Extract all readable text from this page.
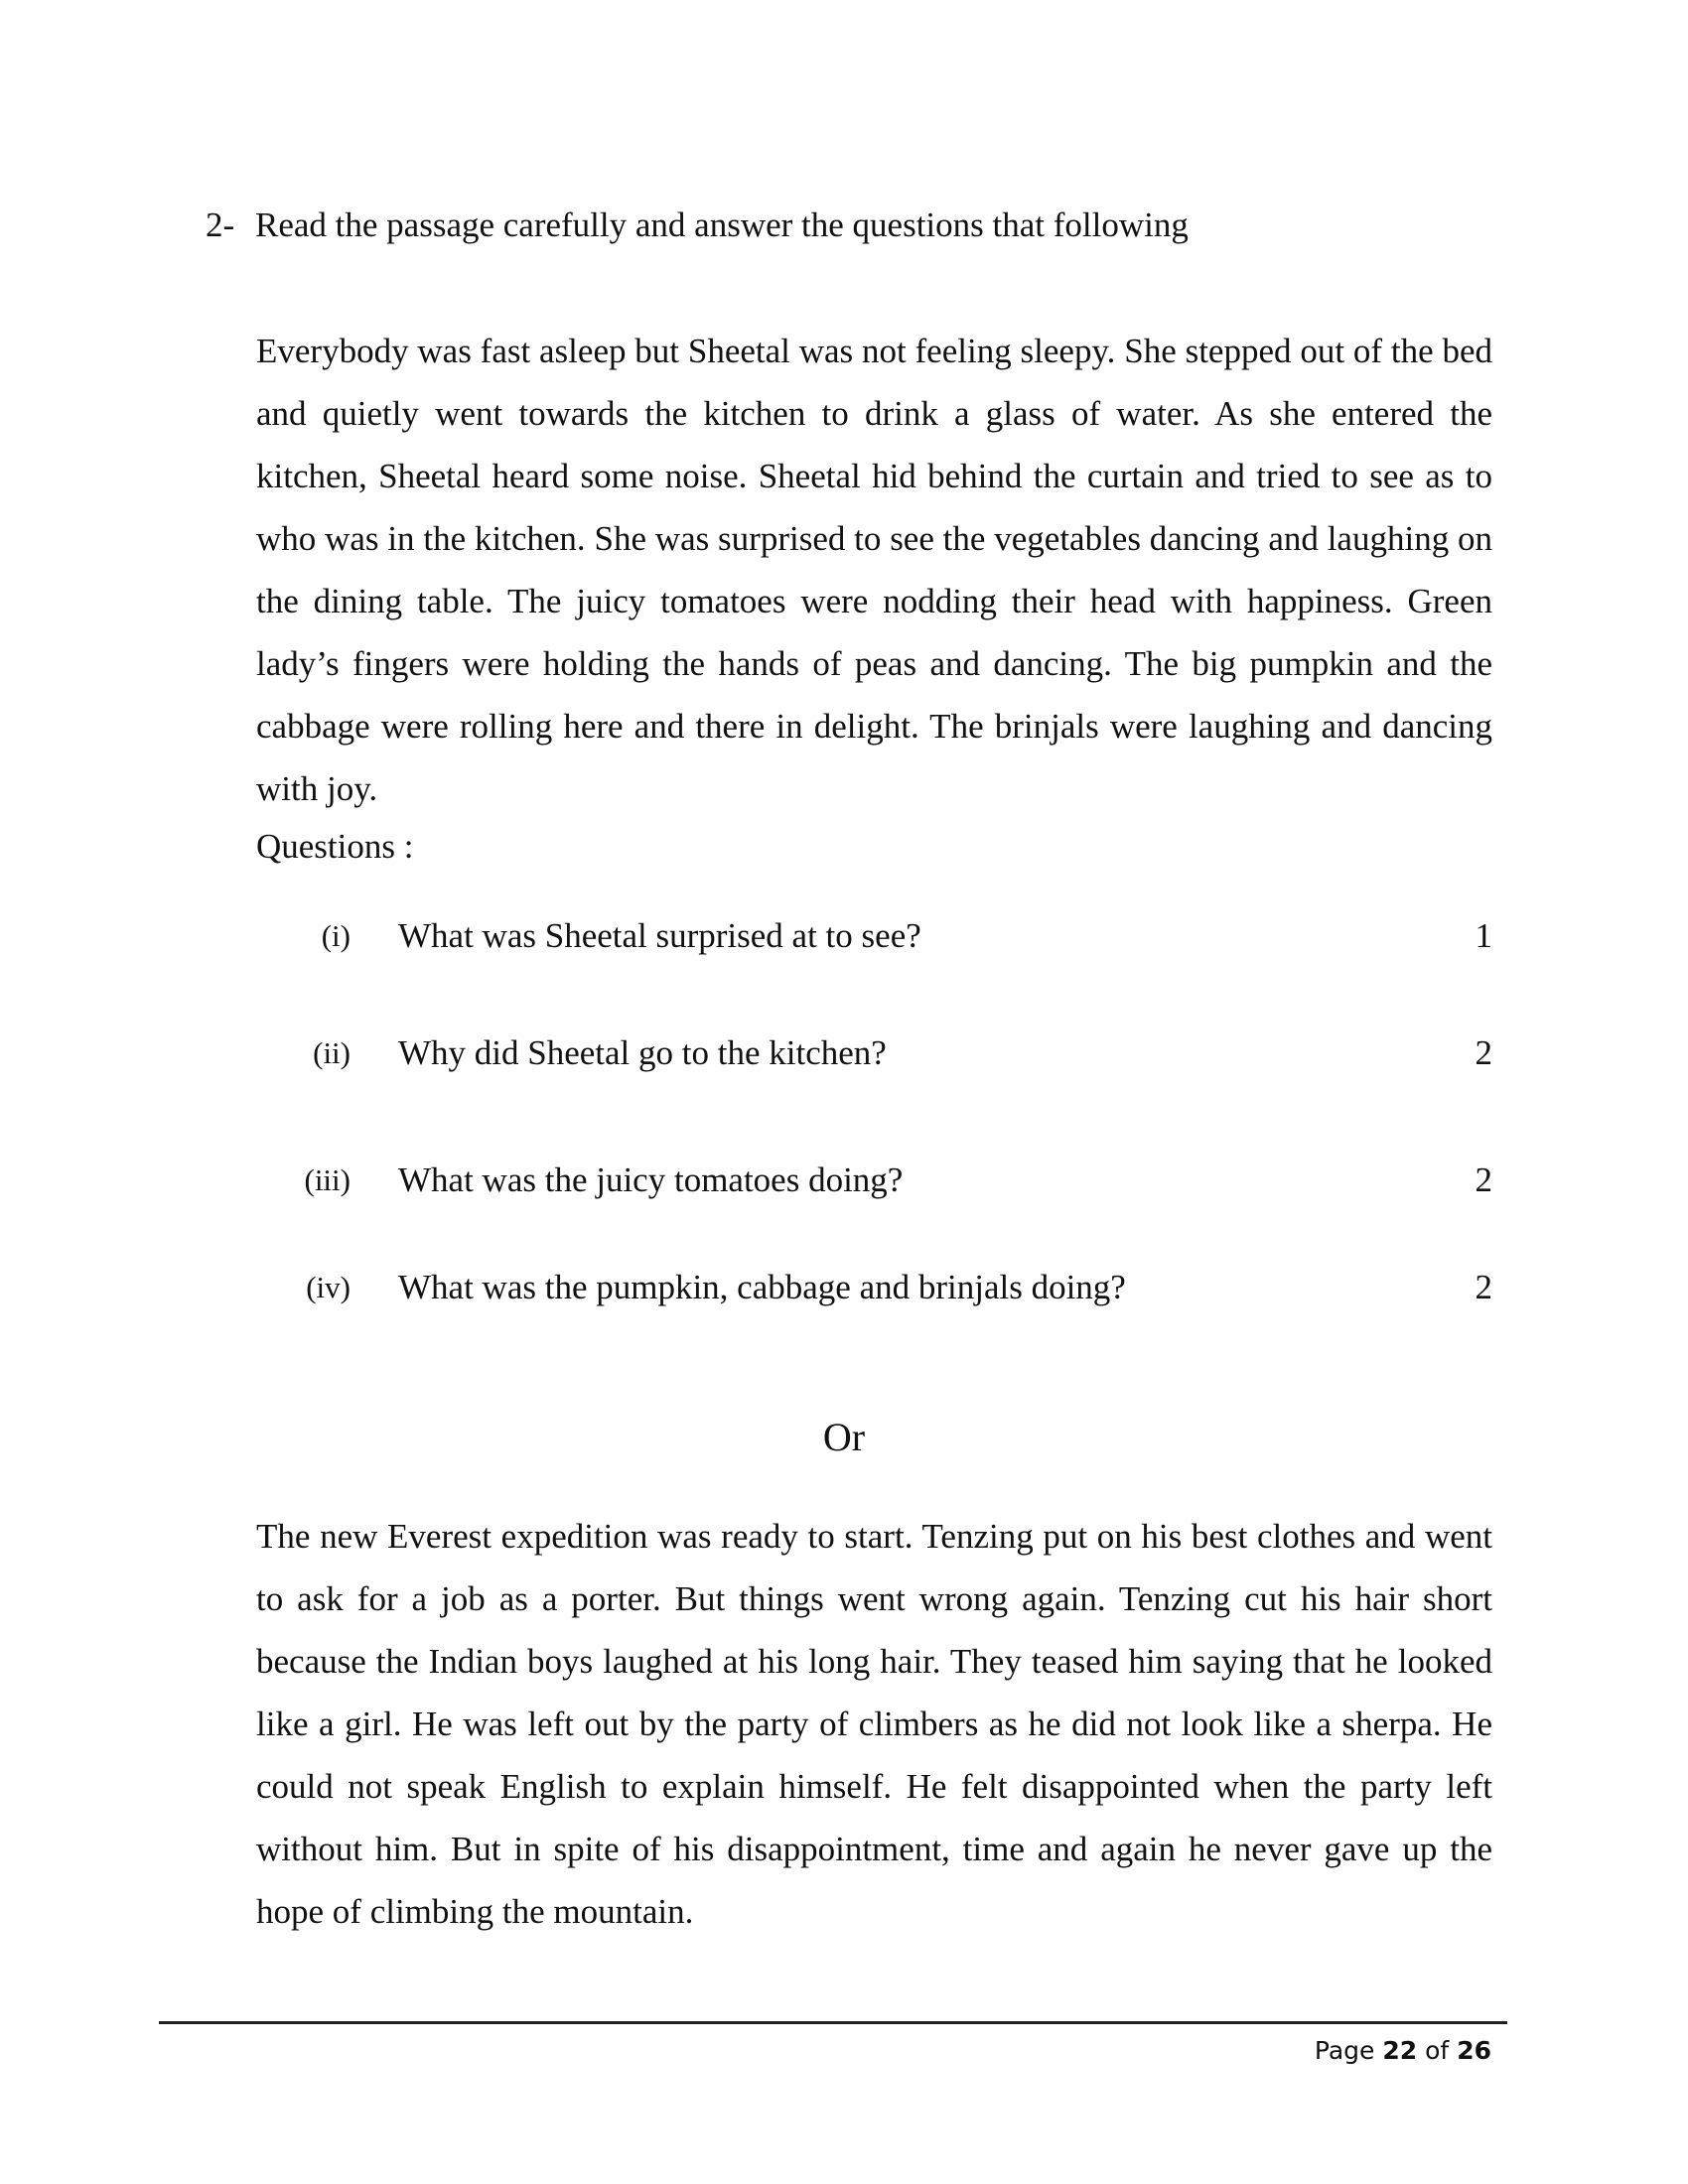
2- Read the passage carefully and answer the questions that following

Everybody was fast asleep but Sheetal was not feeling sleepy. She stepped out of the bed and quietly went towards the kitchen to drink a glass of water. As she entered the kitchen, Sheetal heard some noise. Sheetal hid behind the curtain and tried to see as to who was in the kitchen. She was surprised to see the vegetables dancing and laughing on the dining table. The juicy tomatoes were nodding their head with happiness. Green lady’s fingers were holding the hands of peas and dancing. The big pumpkin and the cabbage were rolling here and there in delight. The brinjals were laughing and dancing with joy.

Questions :
(i) What was Sheetal surprised at to see?	1
(ii) Why did Sheetal go to the kitchen?	2
(iii) What was the juicy tomatoes doing?	2
(iv) What was the pumpkin, cabbage and brinjals doing?	2
Or

The new Everest expedition was ready to start. Tenzing put on his best clothes and went to ask for a job as a porter. But things went wrong again. Tenzing cut his hair short because the Indian boys laughed at his long hair. They teased him saying that he looked like a girl. He was left out by the party of climbers as he did not look like a sherpa. He could not speak English to explain himself. He felt disappointed when the party left without him. But in spite of his disappointment, time and again he never gave up the hope of climbing the mountain.

Page 22 of 26
